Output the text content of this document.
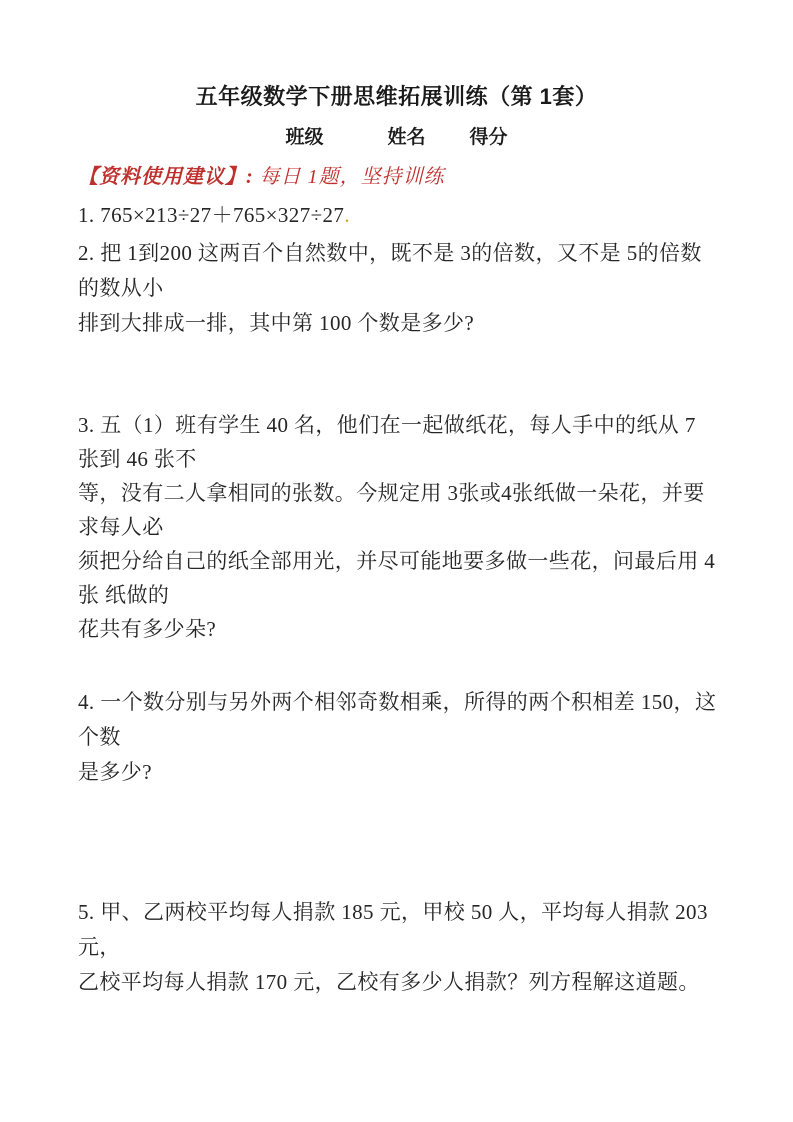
五年级数学下册思维拓展训练（第 1套）
班级	姓名 得分
【资料使用建议】: 每日 1题，坚持训练
1. 765×213÷27＋765×327÷27.
2. 把 1到200 这两百个自然数中，既不是 3的倍数，又不是 5的倍数的数从小
排到大排成一排，其中第 100 个数是多少?
3. 五（1）班有学生 40 名，他们在一起做纸花，每人手中的纸从 7张到 46 张不
等，没有二人拿相同的张数。今规定用 3张或4张纸做一朵花，并要求每人必
须把分给自己的纸全部用光，并尽可能地要多做一些花，问最后用 4张 纸做的
花共有多少朵?
4. 一个数分别与另外两个相邻奇数相乘，所得的两个积相差 150，这个数
是多少?
5. 甲、乙两校平均每人捐款 185 元，甲校 50 人，平均每人捐款 203 元，
乙校平均每人捐款 170 元，乙校有多少人捐款？列方程解这道题。
